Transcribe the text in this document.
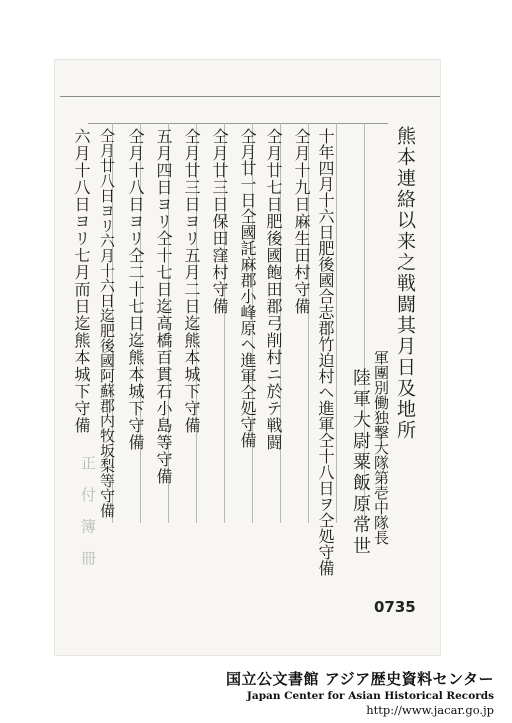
熊本連絡以来之戦闘其月日及地所
軍團別働独撃大隊第壱中隊長
陸軍大尉粟飯原常世
十年四月十六日肥後國合志郡竹迫村ヘ進軍仝十八日ヲ仝処守備
仝月十九日麻生田村守備
仝月廿七日肥後國飽田郡弓削村ニ於テ戦闘
仝月廿一日仝國託麻郡小峰原ヘ進軍仝処守備
仝月廿三日保田窪村守備
仝月廿三日ヨリ五月二日迄熊本城下守備
五月四日ヨリ仝十七日迄高橋百貫石小島等守備
仝月十八日ヨリ仝二十七日迄熊本城下守備
仝月廿八日ヨリ六月十六日迄肥後國阿蘇郡内牧坂梨等守備
六月十八日ヨリ七月而日迄熊本城下守備
正 付 簿 冊
0735
国立公文書館 アジア歴史資料センター
Japan Center for Asian Historical Records
http://www.jacar.go.jp
